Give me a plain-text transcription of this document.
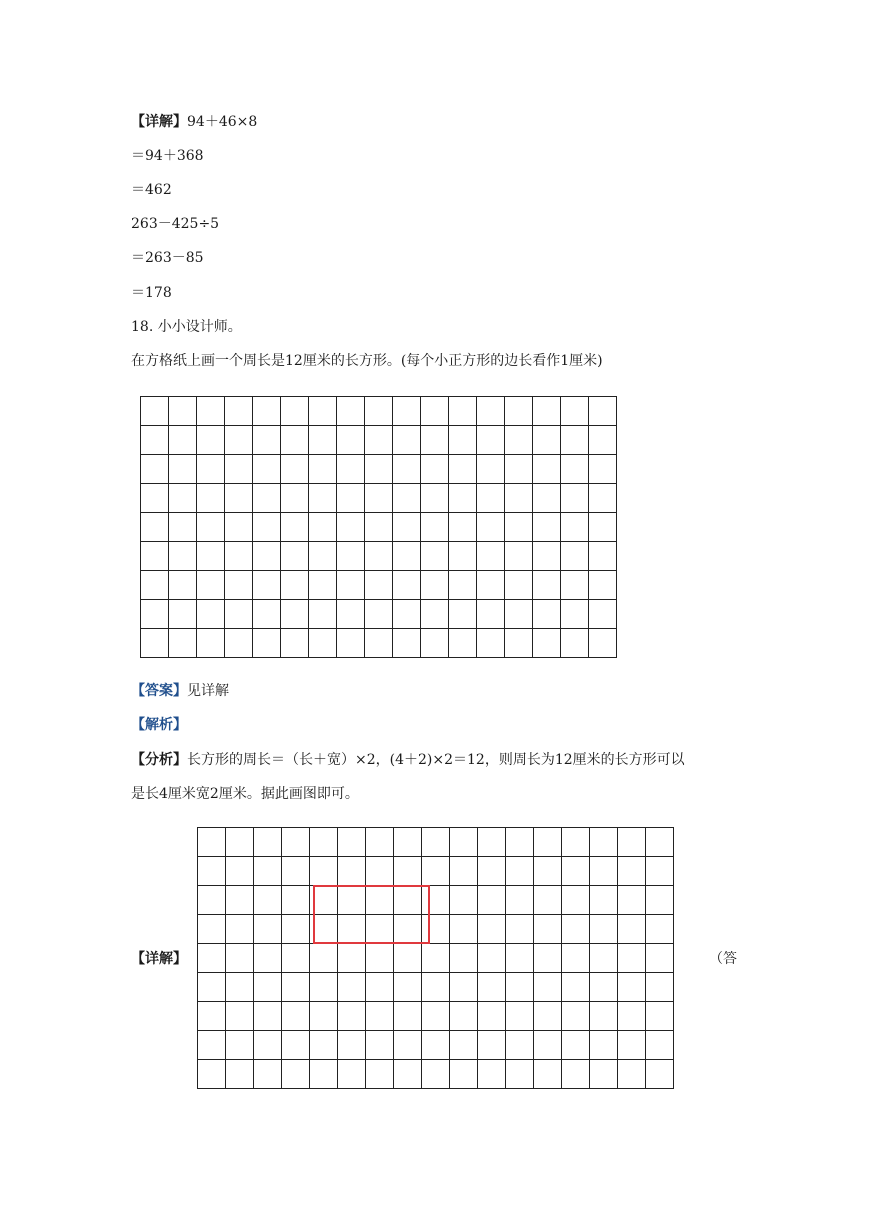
【详解】94＋46×8
＝94＋368
＝462
263－425÷5
＝263－85
＝178
18. 小小设计师。
在方格纸上画一个周长是12厘米的长方形。(每个小正方形的边长看作1厘米)

【答案】见详解
【解析】
【分析】长方形的周长＝（长＋宽）×2，(4＋2)×2＝12，则周长为12厘米的长方形可以
是长4厘米宽2厘米。据此画图即可。

【详解】	（答
